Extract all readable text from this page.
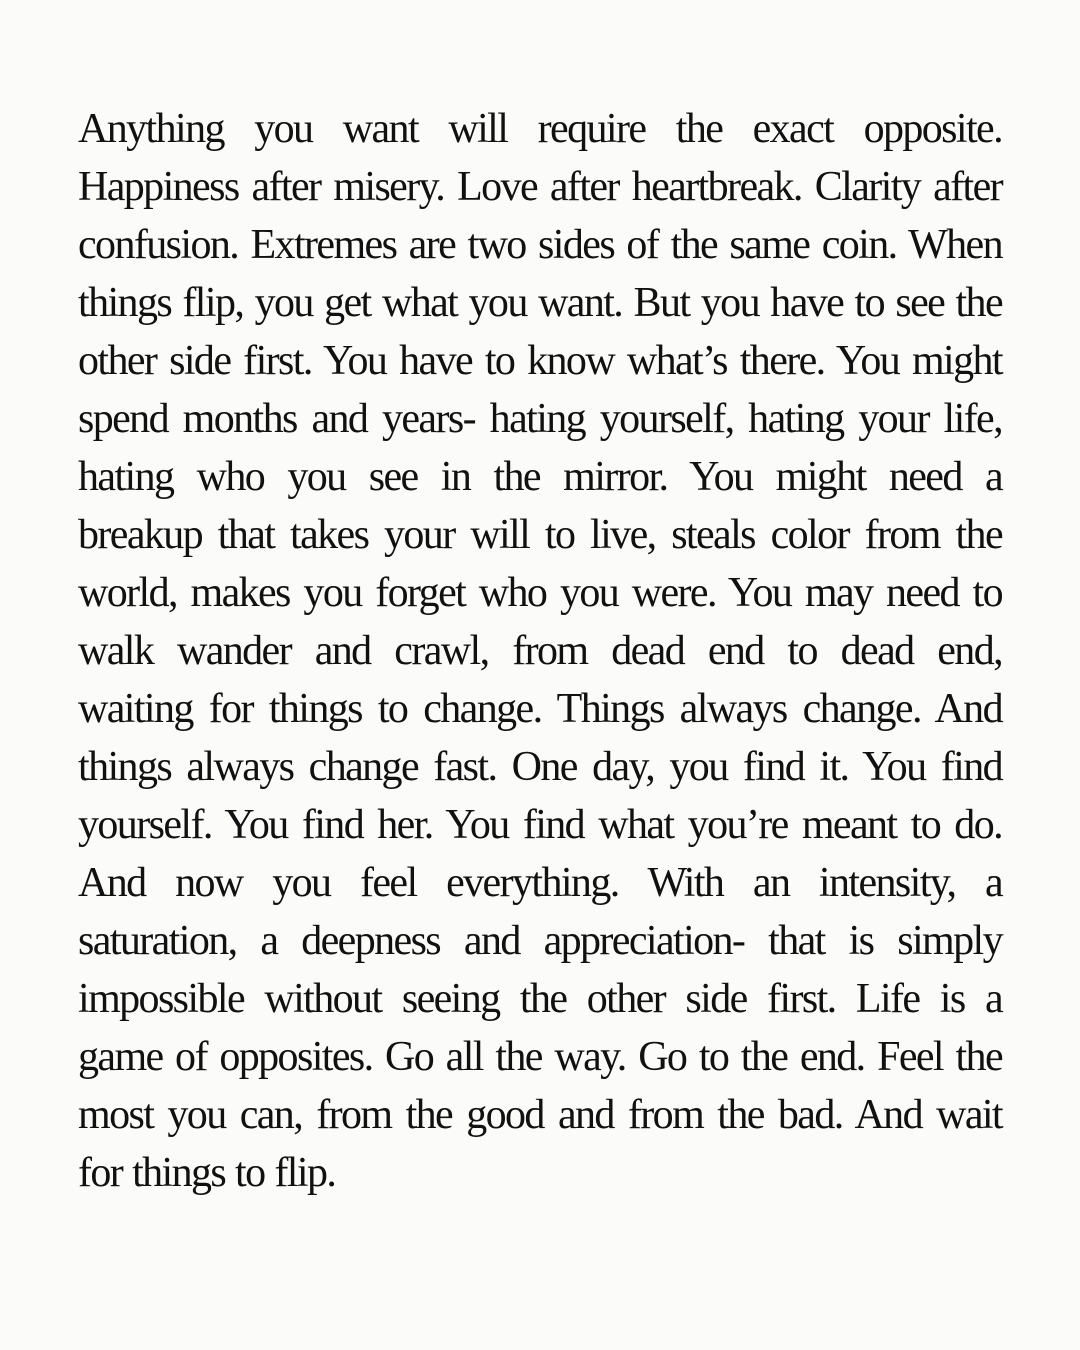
Anything you want will require the exact opposite. Happiness after misery. Love after heartbreak. Clarity after confusion. Extremes are two sides of the same coin. When things flip, you get what you want. But you have to see the other side first. You have to know what’s there. You might spend months and years- hating yourself, hating your life, hating who you see in the mirror. You might need a breakup that takes your will to live, steals color from the world, makes you forget who you were. You may need to walk wander and crawl, from dead end to dead end, waiting for things to change. Things always change. And things always change fast. One day, you find it. You find yourself. You find her. You find what you’re meant to do. And now you feel everything. With an intensity, a saturation, a deepness and appreciation- that is simply impossible without seeing the other side first. Life is a game of opposites. Go all the way. Go to the end. Feel the most you can, from the good and from the bad. And wait for things to flip.
